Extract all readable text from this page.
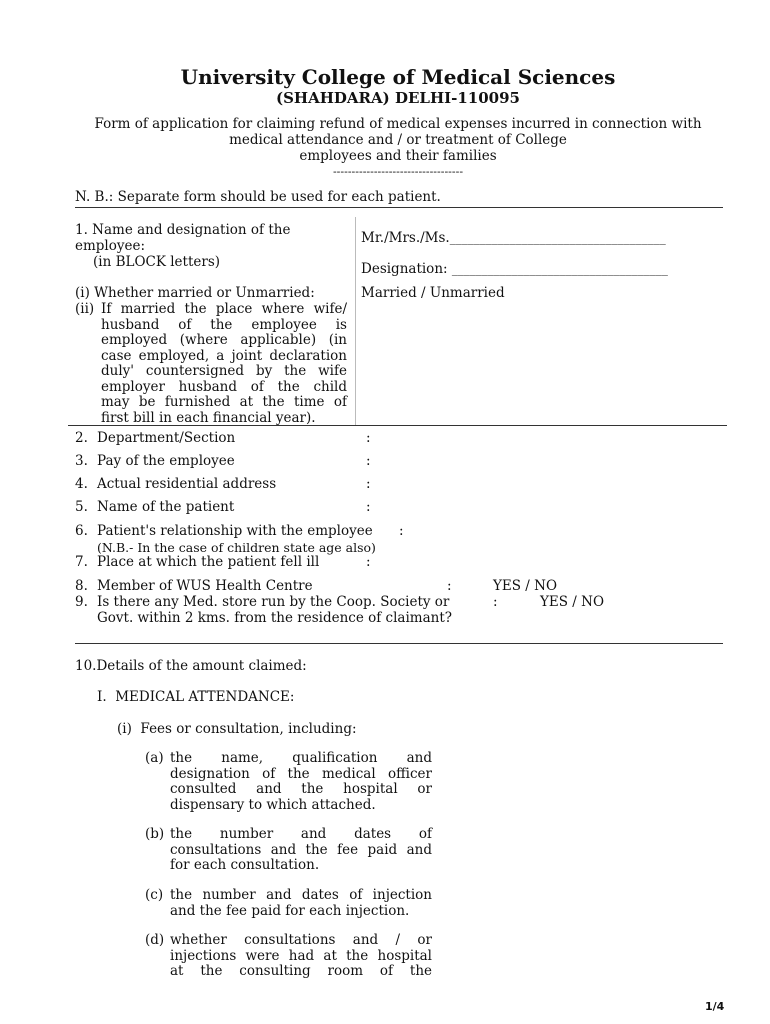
University College of Medical Sciences
(SHAHDARA) DELHI-110095
Form of application for claiming refund of medical expenses incurred in connection with
medical attendance and / or treatment of College
employees and their families
-----------------------------------
N. B.: Separate form should be used for each patient.
1. Name and designation of the
employee:
(in BLOCK letters)
Mr./Mrs./Ms.____________________________________
Designation: ____________________________________
(i) Whether married or Unmarried:	Married / Unmarried
(ii) If married the place where wife/
husband of the employee is
employed (where applicable) (in
case employed, a joint declaration
duly' countersigned by the wife
employer husband of the child
may be furnished at the time of
first bill in each financial year).
2. Department/Section	:
3. Pay of the employee	:
4. Actual residential address	:
5. Name of the patient	:
6. Patient's relationship with the employee :
(N.B.- In the case of children state age also)
7. Place at which the patient fell ill	:
8. Member of WUS Health Centre	:	YES / NO
9. Is there any Med. store run by the Coop. Society or
Govt. within 2 kms. from the residence of claimant?
:	YES / NO
10.Details of the amount claimed:
I.  MEDICAL ATTENDANCE:
(i)  Fees or consultation, including:
(a) the name, qualification and
designation of the medical officer
consulted and the hospital or
dispensary to which attached.
(b) the number and dates of
consultations and the fee paid and
for each consultation.
(c) the number and dates of injection
and the fee paid for each injection.
(d) whether consultations and / or
injections were had at the hospital
at the consulting room of the
1/4
